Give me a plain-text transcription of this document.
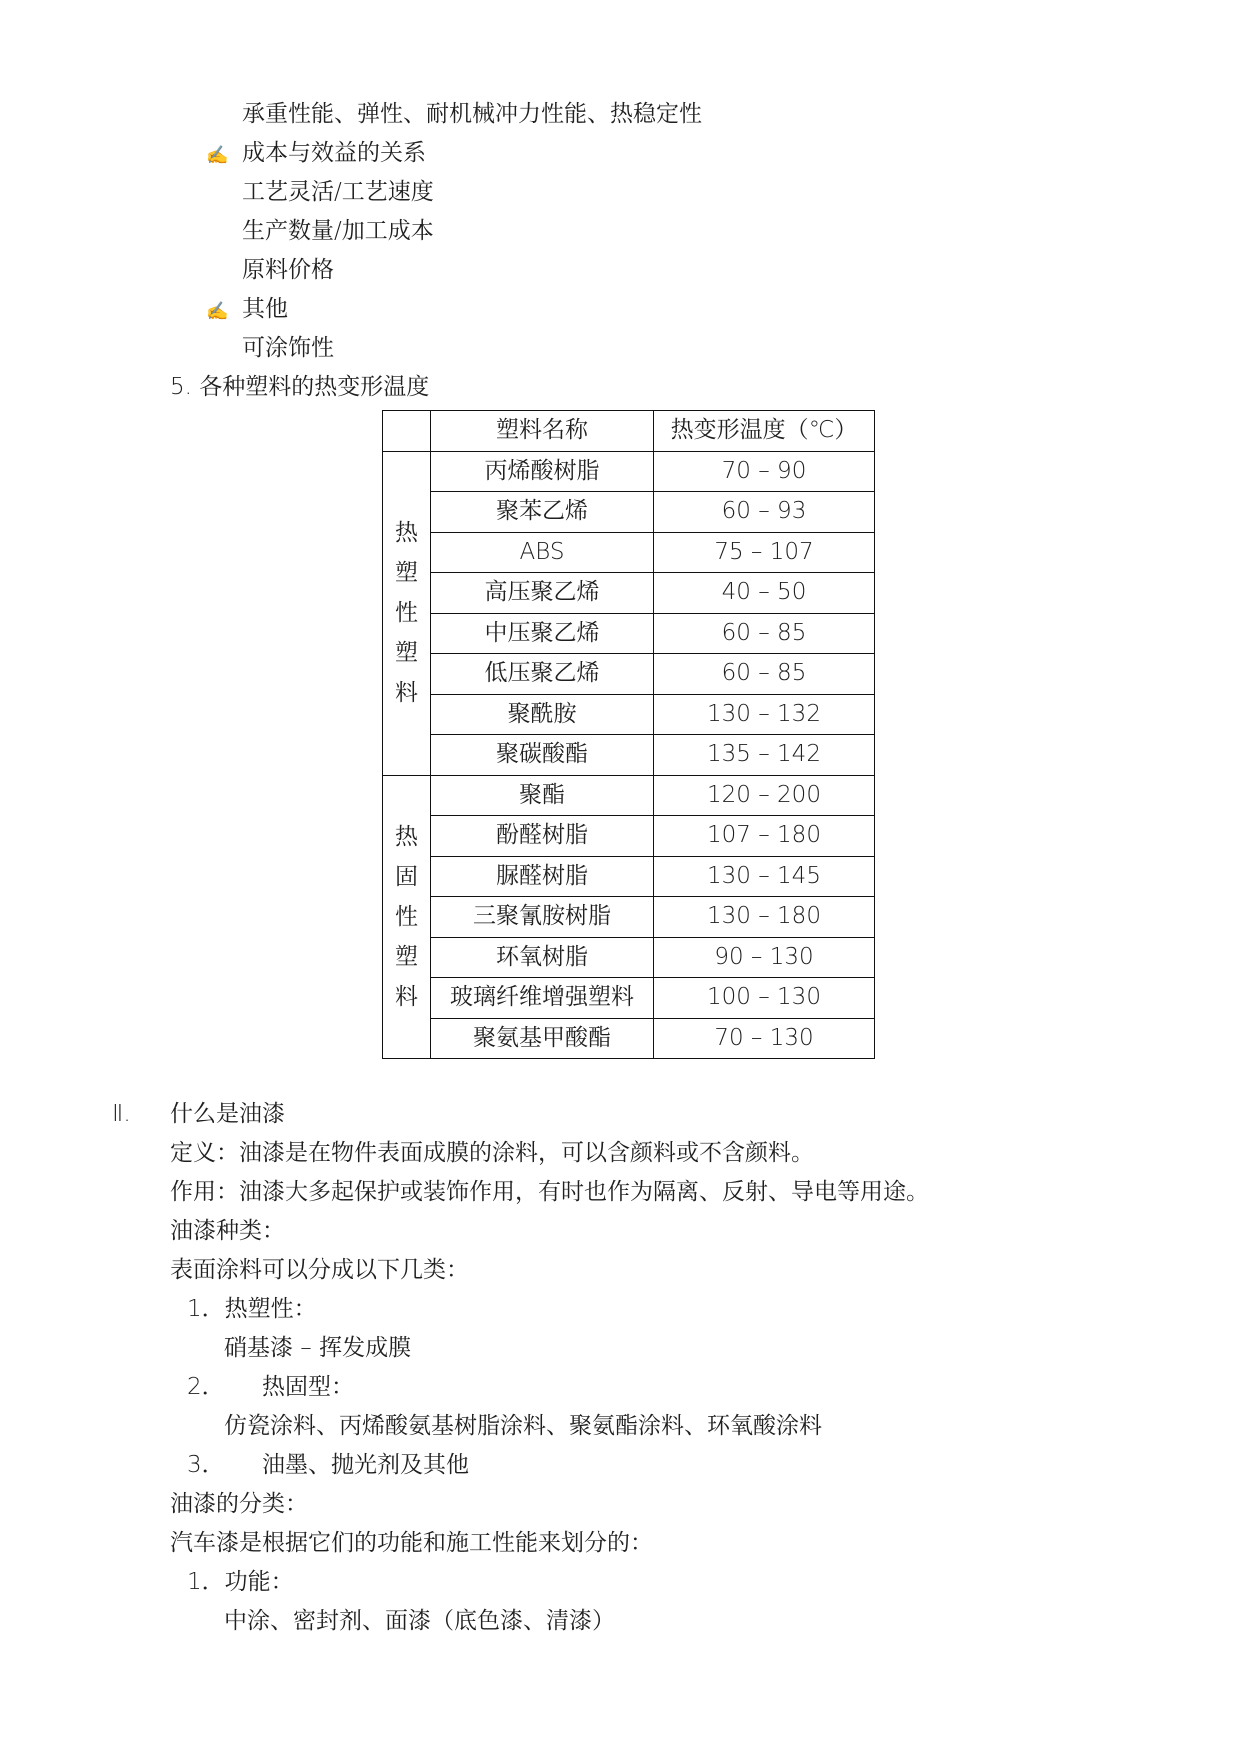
承重性能、弹性、耐机械冲力性能、热稳定性
✍ 成本与效益的关系
工艺灵活/工艺速度
生产数量/加工成本
原料价格
✍ 其他
可涂饰性
5. 各种塑料的热变形温度
	塑料名称	热变形温度（℃）
热塑性塑料	丙烯酸树脂	70 – 90
	聚苯乙烯	60 – 93
	ABS	75 – 107
	高压聚乙烯	40 – 50
	中压聚乙烯	60 – 85
	低压聚乙烯	60 – 85
	聚酰胺	130 – 132
	聚碳酸酯	135 – 142
热固性塑料	聚酯	120 – 200
	酚醛树脂	107 – 180
	脲醛树脂	130 – 145
	三聚氰胺树脂	130 – 180
	环氧树脂	90 – 130
	玻璃纤维增强塑料	100 – 130
	聚氨基甲酸酯	70 – 130
Ⅱ. 什么是油漆
定义：油漆是在物件表面成膜的涂料，可以含颜料或不含颜料。
作用：油漆大多起保护或装饰作用，有时也作为隔离、反射、导电等用途。
油漆种类：
表面涂料可以分成以下几类：
1．热塑性：
硝基漆 – 挥发成膜
2． 热固型：
仿瓷涂料、丙烯酸氨基树脂涂料、聚氨酯涂料、环氧酸涂料
3． 油墨、抛光剂及其他
油漆的分类：
汽车漆是根据它们的功能和施工性能来划分的：
1．功能：
中涂、密封剂、面漆（底色漆、清漆）
